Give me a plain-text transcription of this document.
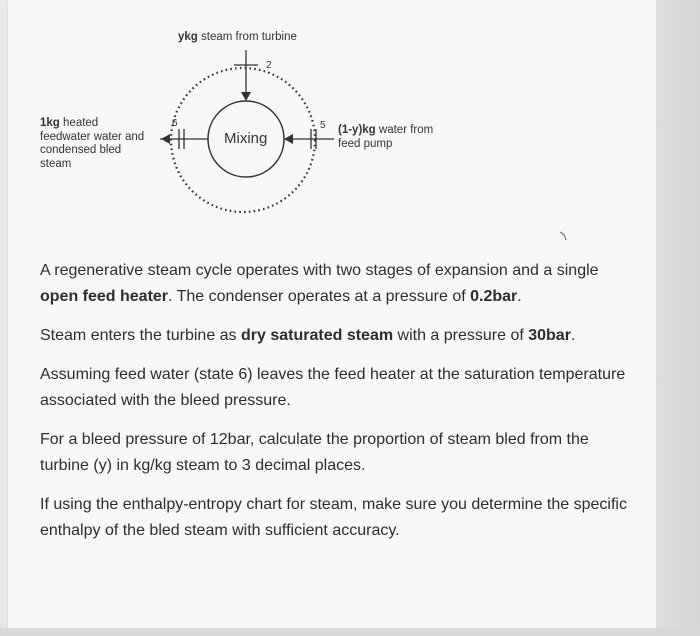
ykg steam from turbine
2
6	5
Mixing
1kg heated
feedwater water and
condensed bled
steam
(1-y)kg water from
feed pump

A regenerative steam cycle operates with two stages of expansion and a single open feed heater. The condenser operates at a pressure of 0.2bar.

Steam enters the turbine as dry saturated steam with a pressure of 30bar.

Assuming feed water (state 6) leaves the feed heater at the saturation temperature associated with the bleed pressure.

For a bleed pressure of 12bar, calculate the proportion of steam bled from the turbine (y) in kg/kg steam to 3 decimal places.

If using the enthalpy-entropy chart for steam, make sure you determine the specific enthalpy of the bled steam with sufficient accuracy.
